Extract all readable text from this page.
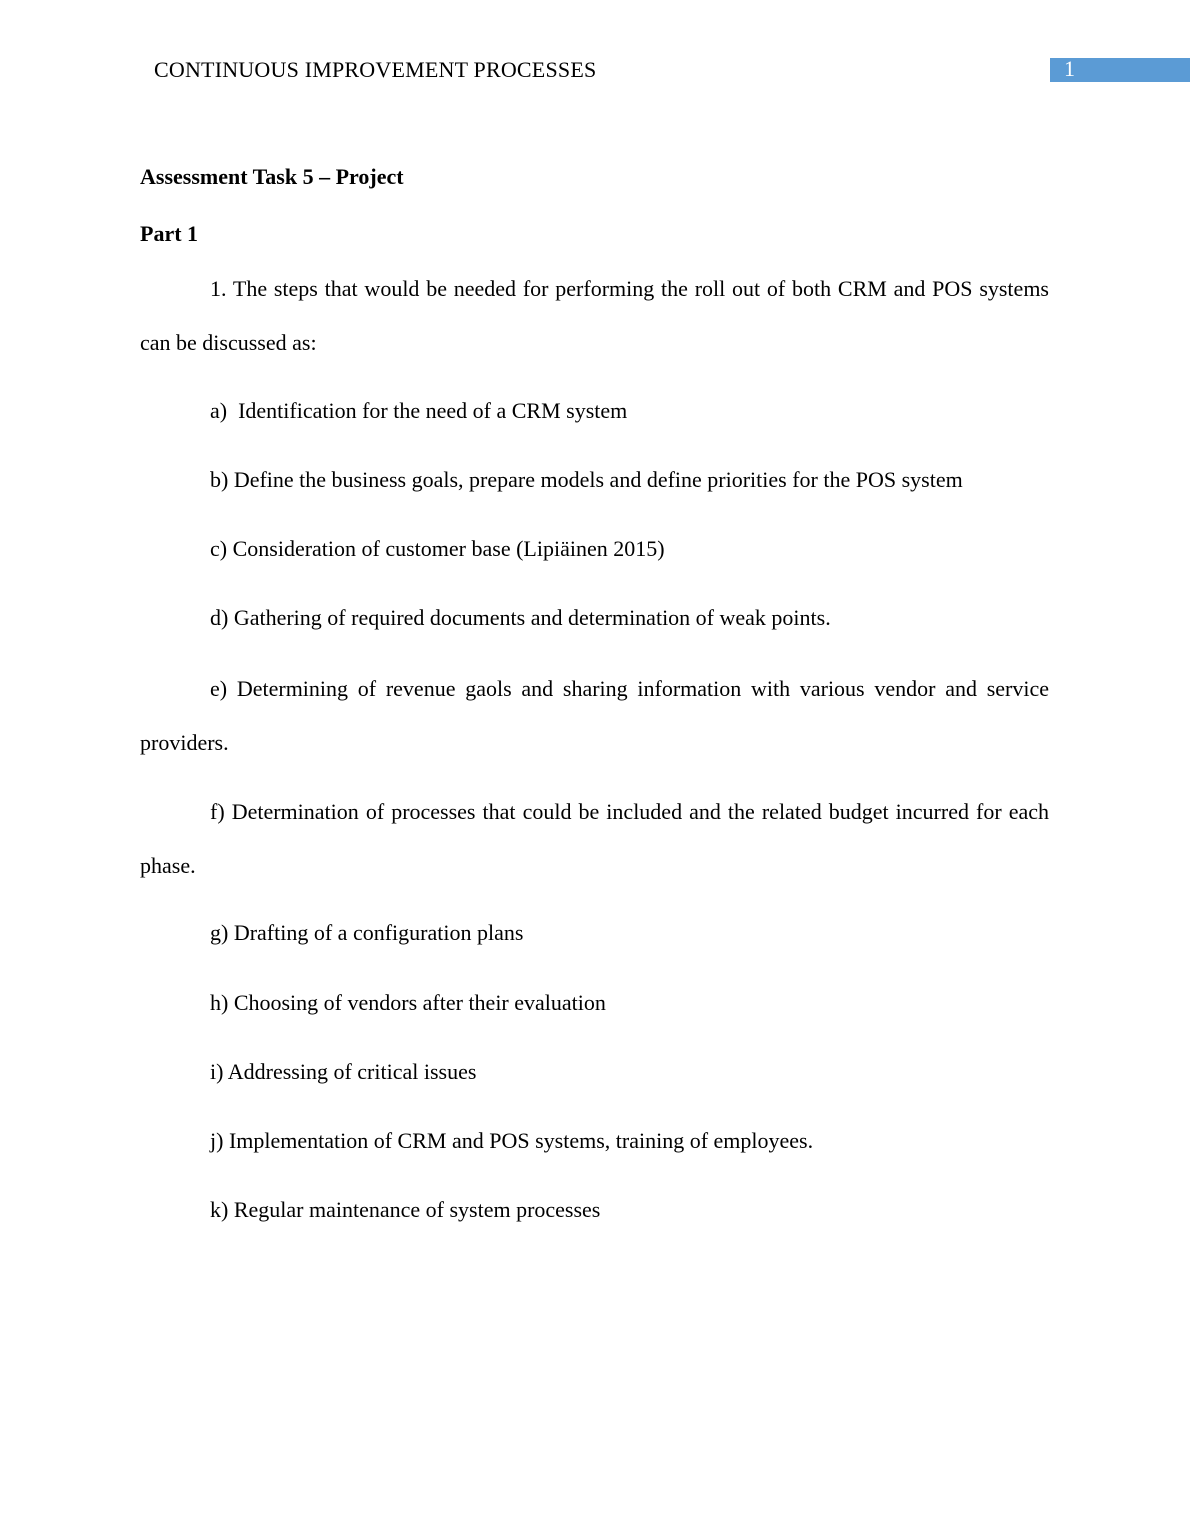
CONTINUOUS IMPROVEMENT PROCESSES	1
Assessment Task 5 – Project
Part 1

1. The steps that would be needed for performing the roll out of both CRM and POS systems can be discussed as:

a)  Identification for the need of a CRM system
b) Define the business goals, prepare models and define priorities for the POS system
c) Consideration of customer base (Lipiäinen 2015)
d) Gathering of required documents and determination of weak points.

e) Determining of revenue gaols and sharing information with various vendor and service providers.

f) Determination of processes that could be included and the related budget incurred for each phase.

g) Drafting of a configuration plans
h) Choosing of vendors after their evaluation
i) Addressing of critical issues
j) Implementation of CRM and POS systems, training of employees.
k) Regular maintenance of system processes
